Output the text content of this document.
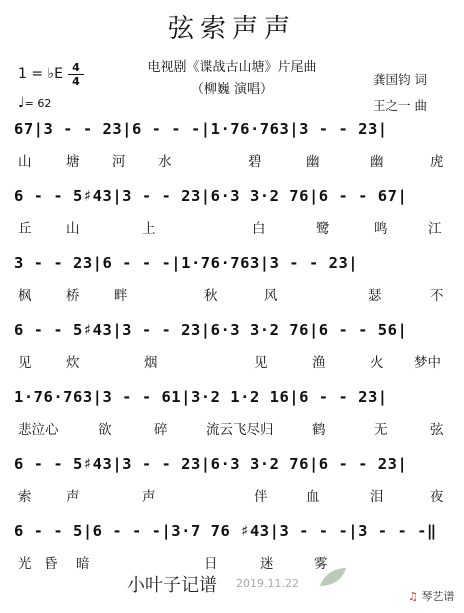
弦索声声
电视剧《谍战古山塘》片尾曲
（柳巍 演唱）
龚国钧 词
王之一 曲
1 = ♭E 4
4
♩= 62
67|3 - - 23|6 - - -|1·76·763|3 - - 23|
山	塘 河 水	碧	幽	幽	虎
6 - - 5♯43|3 - - 23|6·3 3·2 76|6 - - 67|
丘	山	上	白	鹭	鸣	江
3 - - 23|6 - - -|1·76·763|3 - - 23|
枫	桥	畔	秋	风	瑟	不
6 - - 5♯43|3 - - 23|6·3 3·2 76|6 - - 56|
见	炊	烟	见	渔	火 梦中
1·76·763|3 - - 61|3·2 1·2 16|6 - - 23|
悲泣心	欲	碎	流云飞尽归	鹤	无	弦
6 - - 5♯43|3 - - 23|6·3 3·2 76|6 - - 23|
索	声	声	伴	血	泪	夜
6 - - 5|6 - - -|3·7 76 ♯43|3 - - -|3 - - -‖
光 昏 暗	日	迷	雾
小叶子记谱 2019.11.22
♫ 琴艺谱
